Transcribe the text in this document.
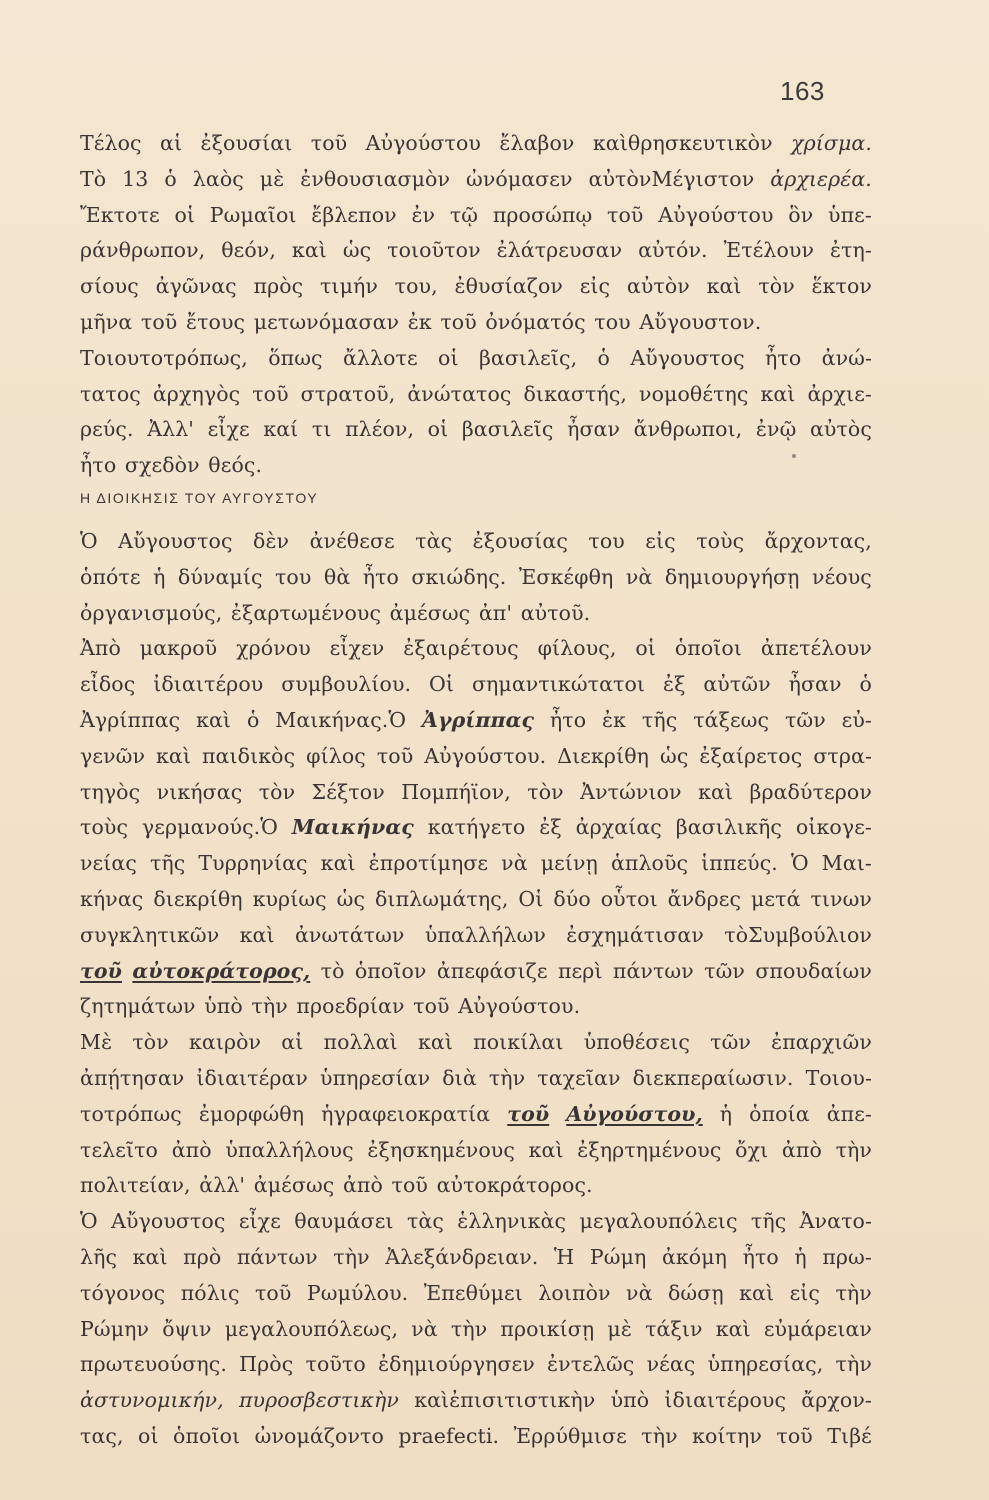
163
Τέλος αἱ ἐξουσίαι τοῦ Αὐγούστου ἔλαβον καὶθρησκευτικὸν χρίσμα.
Τὸ 13 ὁ λαὸς μὲ ἐνθουσιασμὸν ὠνόμασεν αὐτὸνΜέγιστον ἀρχιερέα.
Ἔκτοτε οἱ Ρωμαῖοι ἔβλεπον ἐν τῷ προσώπῳ τοῦ Αὐγούστου ὃν ὑπε-
ράνθρωπον, θεόν, καὶ ὡς τοιοῦτον ἐλάτρευσαν αὐτόν. Ἐτέλουν ἐτη-
σίους ἀγῶνας πρὸς τιμήν του, ἐθυσίαζον εἰς αὐτὸν καὶ τὸν ἕκτον
μῆνα τοῦ ἔτους μετωνόμασαν ἐκ τοῦ ὀνόματός του Αὔγουστον.
Τοιουτοτρόπως, ὅπως ἄλλοτε οἱ βασιλεῖς, ὁ Αὔγουστος ἦτο ἀνώ-
τατος ἀρχηγὸς τοῦ στρατοῦ, ἀνώτατος δικαστής, νομοθέτης καὶ ἀρχιε-
ρεύς. Ἀλλ' εἶχε καί τι πλέον, οἱ βασιλεῖς ἦσαν ἄνθρωποι, ἐνῷ αὐτὸς
ἦτο σχεδὸν θεός.
Η ΔΙΟΙΚΗΣΙΣ ΤΟΥ ΑΥΓΟΥΣΤΟΥ
Ὁ Αὔγουστος δὲν ἀνέθεσε τὰς ἐξουσίας του εἰς τοὺς ἄρχοντας,
ὁπότε ἡ δύναμίς του θὰ ἦτο σκιώδης. Ἐσκέφθη νὰ δημιουργήσῃ νέους
ὀργανισμούς, ἐξαρτωμένους ἀμέσως ἀπ' αὐτοῦ.
Ἀπὸ μακροῦ χρόνου εἶχεν ἐξαιρέτους φίλους, οἱ ὁποῖοι ἀπετέλουν
εἶδος ἰδιαιτέρου συμβουλίου. Οἱ σημαντικώτατοι ἐξ αὐτῶν ἦσαν ὁ
Ἀγρίππας καὶ ὁ Μαικήνας.Ὁ Ἀγρίππας ἦτο ἐκ τῆς τάξεως τῶν εὐ-
γενῶν καὶ παιδικὸς φίλος τοῦ Αὐγούστου. Διεκρίθη ὡς ἐξαίρετος στρα-
τηγὸς νικήσας τὸν Σέξτον Πομπήϊον, τὸν Ἀντώνιον καὶ βραδύτερον
τοὺς γερμανούς.Ὁ Μαικήνας κατήγετο ἐξ ἀρχαίας βασιλικῆς οἰκογε-
νείας τῆς Τυρρηνίας καὶ ἐπροτίμησε νὰ μείνῃ ἁπλοῦς ἱππεύς. Ὁ Μαι-
κήνας διεκρίθη κυρίως ὡς διπλωμάτης, Οἱ δύο οὗτοι ἄνδρες μετά τινων
συγκλητικῶν καὶ ἀνωτάτων ὑπαλλήλων ἐσχημάτισαν τὸΣυμβούλιον
τοῦ αὐτοκράτορος, τὸ ὁποῖον ἀπεφάσιζε περὶ πάντων τῶν σπουδαίων
ζητημάτων ὑπὸ τὴν προεδρίαν τοῦ Αὐγούστου.
Μὲ τὸν καιρὸν αἱ πολλαὶ καὶ ποικίλαι ὑποθέσεις τῶν ἐπαρχιῶν
ἀπῄτησαν ἰδιαιτέραν ὑπηρεσίαν διὰ τὴν ταχεῖαν διεκπεραίωσιν. Τοιου-
τοτρόπως ἐμορφώθη ἡγραφειοκρατία τοῦ Αὐγούστου, ἡ ὁποία ἀπε-
τελεῖτο ἀπὸ ὑπαλλήλους ἐξησκημένους καὶ ἐξηρτημένους ὄχι ἀπὸ τὴν
πολιτείαν, ἀλλ' ἀμέσως ἀπὸ τοῦ αὐτοκράτορος.
Ὁ Αὔγουστος εἶχε θαυμάσει τὰς ἑλληνικὰς μεγαλουπόλεις τῆς Ἀνατο-
λῆς καὶ πρὸ πάντων τὴν Ἀλεξάνδρειαν. Ἡ Ρώμη ἀκόμη ἦτο ἡ πρω-
τόγονος πόλις τοῦ Ρωμύλου. Ἐπεθύμει λοιπὸν νὰ δώσῃ καὶ εἰς τὴν
Ρώμην ὄψιν μεγαλουπόλεως, νὰ τὴν προικίσῃ μὲ τάξιν καὶ εὐμάρειαν
πρωτευούσης. Πρὸς τοῦτο ἐδημιούργησεν ἐντελῶς νέας ὑπηρεσίας, τὴν
ἀστυνομικήν, πυροσβεστικὴν καὶἐπισιτιστικὴν ὑπὸ ἰδιαιτέρους ἄρχον-
τας, οἱ ὁποῖοι ὠνομάζοντο praefecti. Ἐρρύθμισε τὴν κοίτην τοῦ Τιβέ
